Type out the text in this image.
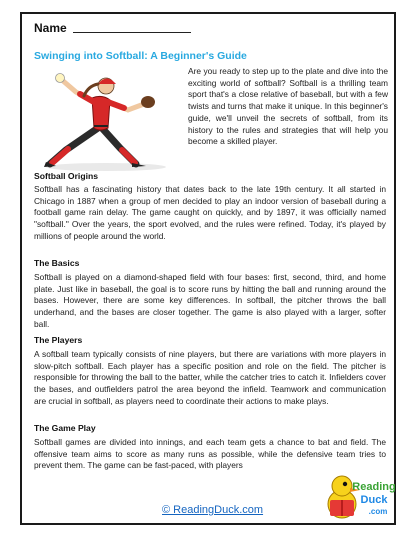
Name
Swinging into Softball: A Beginner's Guide

Are you ready to step up to the plate and dive into the exciting world of softball? Softball is a thrilling team sport that's a close relative of baseball, but with a few twists and turns that make it unique. In this beginner's guide, we'll unveil the secrets of softball, from its history to the rules and strategies that will help you become a skilled player.

Softball Origins

Softball has a fascinating history that dates back to the late 19th century. It all started in Chicago in 1887 when a group of men decided to play an indoor version of baseball during a football game rain delay. The game caught on quickly, and by 1897, it was officially named "softball." Over the years, the sport evolved, and the rules were refined. Today, it's played by millions of people around the world.

The Basics

Softball is played on a diamond-shaped field with four bases: first, second, third, and home plate. Just like in baseball, the goal is to score runs by hitting the ball and running around the bases. However, there are some key differences. In softball, the pitcher throws the ball underhand, and the bases are closer together. The game is also played with a larger, softer ball.

The Players

A softball team typically consists of nine players, but there are variations with more players in slow-pitch softball. Each player has a specific position and role on the field. The pitcher is responsible for throwing the ball to the batter, while the catcher tries to catch it. Infielders cover the bases, and outfielders patrol the area beyond the infield. Teamwork and communication are crucial in softball, as players need to coordinate their actions to make plays.

The Game Play

Softball games are divided into innings, and each team gets a chance to bat and field. The offensive team aims to score as many runs as possible, while the defensive team tries to prevent them. The game can be fast-paced, with players

© ReadingDuck.com
Reading
Duck
.com
